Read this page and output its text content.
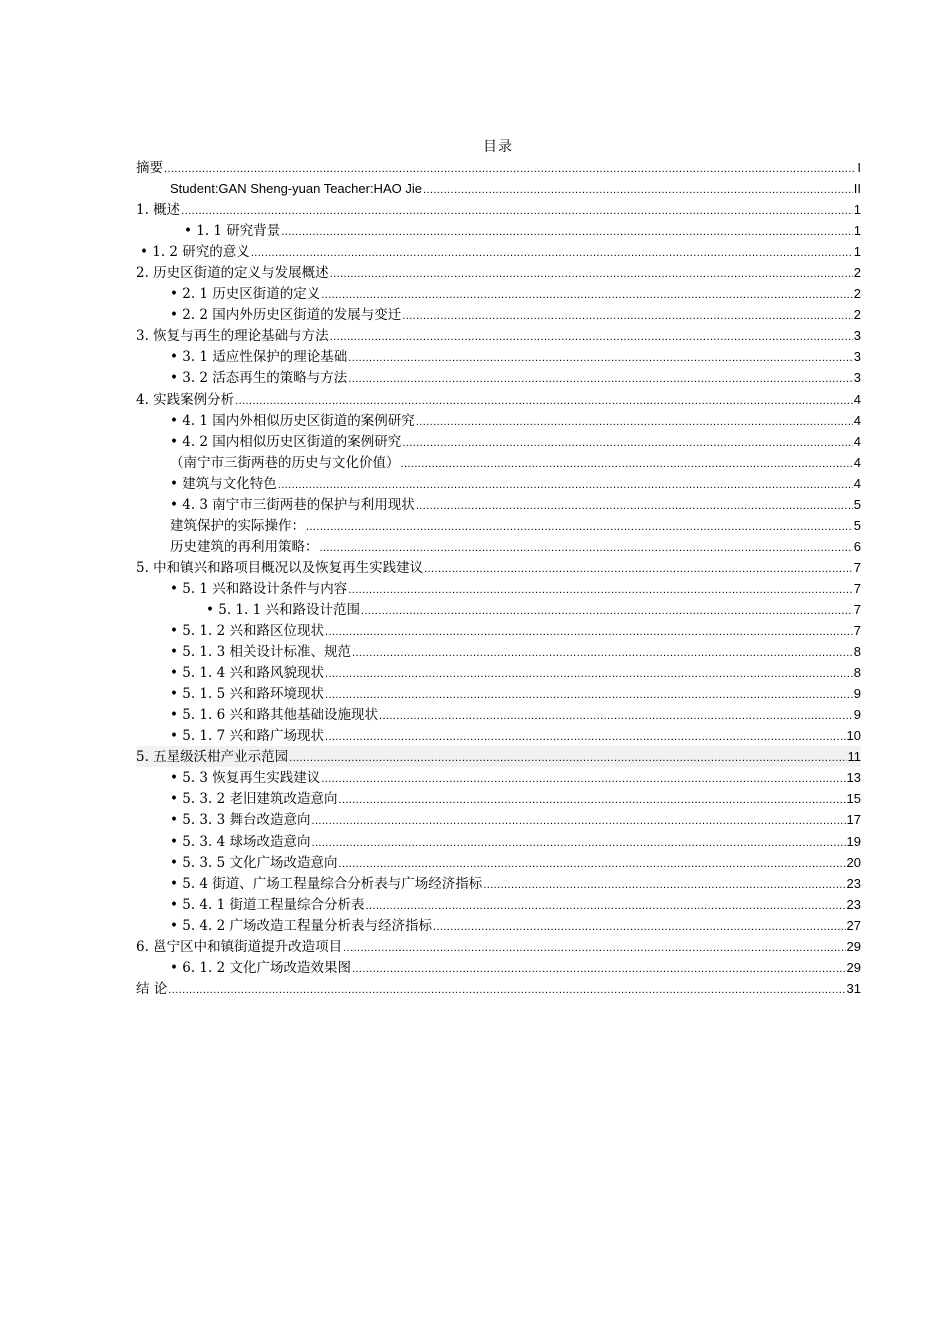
目录
摘要 .....	I
Student:GAN Sheng-yuan Teacher:HAO Jie .....	II
1. 概述 .....	1
• 1. 1 研究背景 .....	1
• 1. 2 研究的意义 .....	1
2. 历史区街道的定义与发展概述 .....	2
• 2. 1 历史区街道的定义 .....	2
• 2. 2 国内外历史区街道的发展与变迁 .....	2
3. 恢复与再生的理论基础与方法 .....	3
• 3. 1 适应性保护的理论基础 .....	3
• 3. 2 活态再生的策略与方法 .....	3
4. 实践案例分析 .....	4
• 4. 1 国内外相似历史区街道的案例研究 .....	4
• 4. 2 国内相似历史区街道的案例研究 .....	4
（南宁市三街两巷的历史与文化价值） .....	4
• 建筑与文化特色 .....	4
• 4. 3 南宁市三街两巷的保护与利用现状 .....	5
建筑保护的实际操作： .....	5
历史建筑的再利用策略： .....	6
5. 中和镇兴和路项目概况以及恢复再生实践建议 .....	7
• 5. 1 兴和路设计条件与内容 .....	7
• 5. 1. 1 兴和路设计范围 .....	7
• 5. 1. 2 兴和路区位现状 .....	7
• 5. 1. 3 相关设计标准、规范 .....	8
• 5. 1. 4 兴和路风貌现状 .....	8
• 5. 1. 5 兴和路环境现状 .....	9
• 5. 1. 6 兴和路其他基础设施现状 .....	9
• 5. 1. 7 兴和路广场现状 .....	10
5. 五星级沃柑产业示范园 .....	11
• 5. 3 恢复再生实践建议 .....	13
• 5. 3. 2 老旧建筑改造意向 .....	15
• 5. 3. 3 舞台改造意向 .....	17
• 5. 3. 4 球场改造意向 .....	19
• 5. 3. 5 文化广场改造意向 .....	20
• 5. 4 街道、广场工程量综合分析表与广场经济指标 .....	23
• 5. 4. 1 街道工程量综合分析表 .....	23
• 5. 4. 2 广场改造工程量分析表与经济指标 .....	27
6. 邕宁区中和镇街道提升改造项目 .....	29
• 6. 1. 2 文化广场改造效果图 .....	29
结 论 .....	31
